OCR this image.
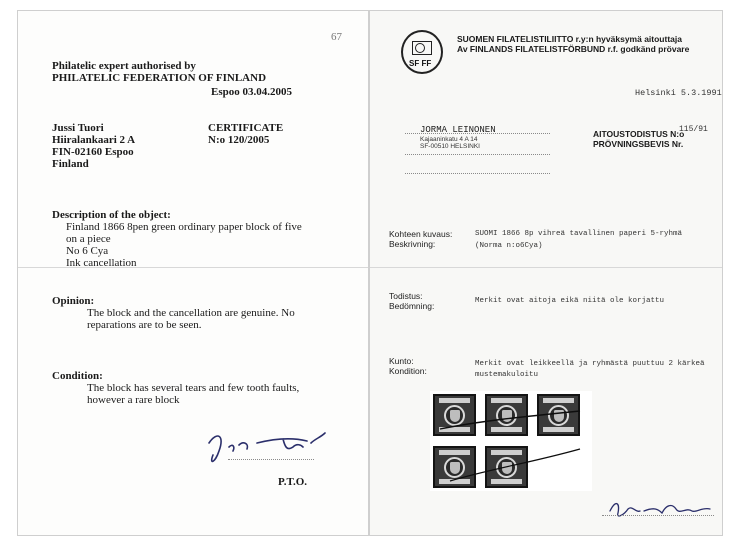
67
Philatelic expert authorised by
PHILATELIC FEDERATION OF FINLAND
Espoo 03.04.2005
Jussi Tuori
Hiiralankaari 2 A
FIN-02160 Espoo
Finland
CERTIFICATE
N:o 120/2005
Description of the object:
Finland 1866 8pen green ordinary paper block of five
on a piece
No 6 Cya
Ink cancellation
Opinion:
The block and the cancellation are genuine. No
reparations are to be seen.
Condition:
The block has several tears and few tooth faults,
however a rare block
P.T.O.
SF FF
SUOMEN FILATELISTILIITTO r.y:n hyväksymä aitouttaja
Av FINLANDS FILATELISTFÖRBUND r.f. godkänd prövare
Helsinki 5.3.1991
JORMA LEINONEN
Kajaaninkatu 4 A 14
SF-00510 HELSINKI
AITOUSTODISTUS N:o
115/91
PRÖVNINGSBEVIS Nr.
Kohteen kuvaus:
Beskrivning:
SUOMI 1866 8p vihreä tavallinen paperi 5-ryhmä
(Norma n:o6Cya)
Todistus:
Bedömning:	Merkit ovat aitoja eikä niitä ole korjattu
Kunto:
Kondition:
Merkit ovat leikkeellä ja ryhmästä puuttuu 2 kärkeä
mustemakuloitu
